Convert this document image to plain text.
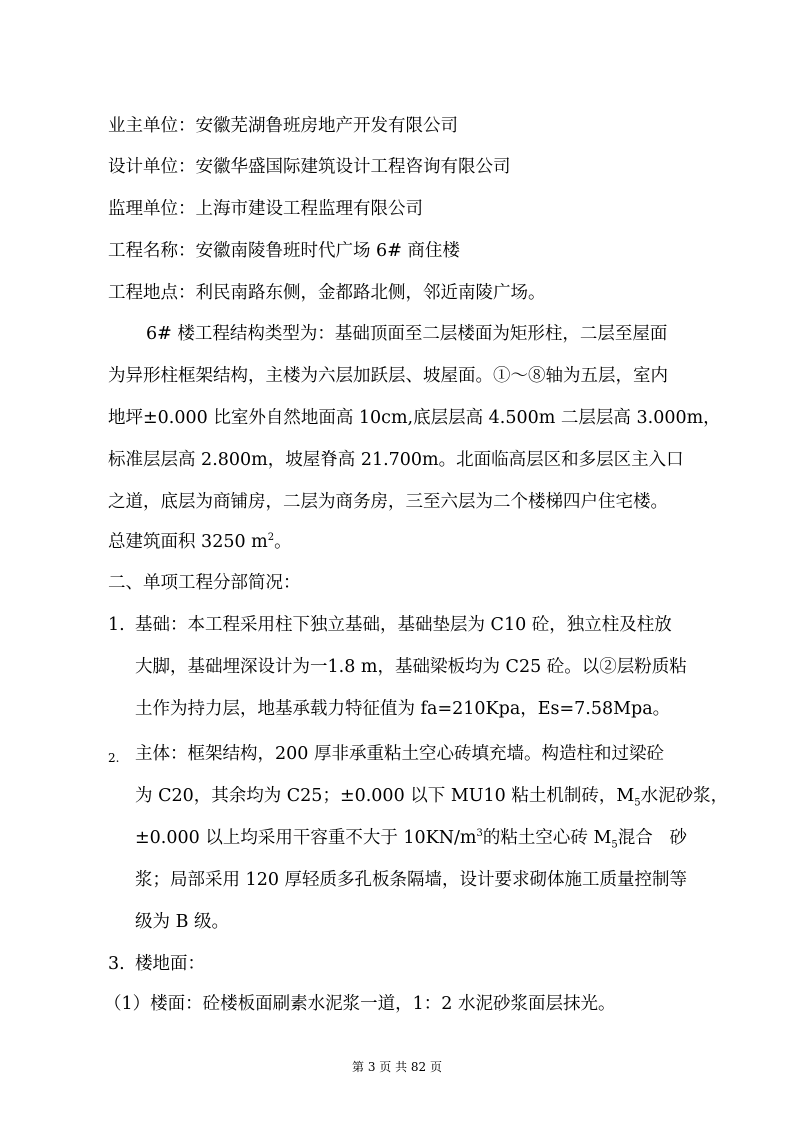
业主单位：安徽芜湖鲁班房地产开发有限公司
设计单位：安徽华盛国际建筑设计工程咨询有限公司
监理单位：上海市建设工程监理有限公司
工程名称：安徽南陵鲁班时代广场 6# 商住楼
工程地点：利民南路东侧，金都路北侧，邻近南陵广场。
6# 楼工程结构类型为：基础顶面至二层楼面为矩形柱，二层至屋面
为异形柱框架结构，主楼为六层加跃层、坡屋面。①～⑧轴为五层，室内
地坪±0.000 比室外自然地面高 10cm,底层层高 4.500m 二层层高 3.000m，
标准层层高 2.800m，坡屋脊高 21.700m。北面临高层区和多层区主入口
之道，底层为商铺房，二层为商务房，三至六层为二个楼梯四户住宅楼。
总建筑面积 3250 $m^2$。
二、单项工程分部简况：
1. 基础：本工程采用柱下独立基础，基础垫层为 C10 砼，独立柱及柱放
大脚，基础埋深设计为一1.8 m，基础梁板均为 C25 砼。以②层粉质粘
土作为持力层，地基承载力特征值为 fa=210Kpa，Es=7.58Mpa。
2. 主体：框架结构，200 厚非承重粘土空心砖填充墙。构造柱和过梁砼
为 C20，其余均为 C25；±0.000 以下 MU10 粘土机制砖，$M_5$水泥砂浆，
±0.000 以上均采用干容重不大于 $10KN/m^3$的粘土空心砖 $M_5$混合   砂
浆；局部采用 120 厚轻质多孔板条隔墙，设计要求砌体施工质量控制等
级为 B 级。
3. 楼地面：
（1）楼面：砼楼板面刷素水泥浆一道，1：2 水泥砂浆面层抹光。
第 3 页 共 82 页
